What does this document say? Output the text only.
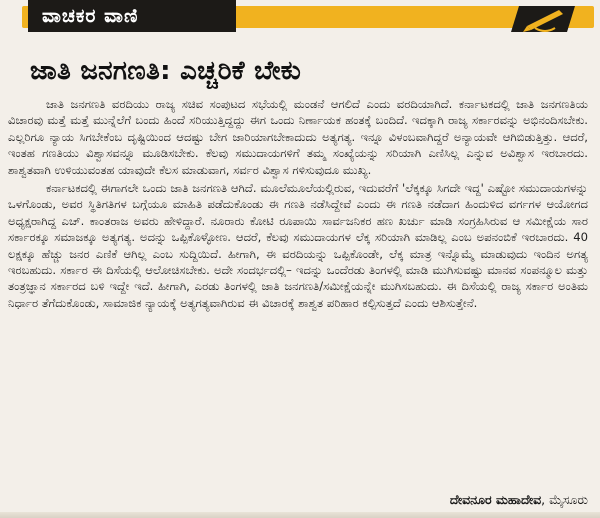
ವಾಚಕರ ವಾಣಿ
ಜಾತಿ ಜನಗಣತಿ: ಎಚ್ಚರಿಕೆ ಬೇಕು

ಜಾತಿ ಜನಗಣತಿ ವರದಿಯು ರಾಜ್ಯ ಸಚಿವ ಸಂಪುಟದ ಸಭೆಯಲ್ಲಿ ಮಂಡನೆ ಆಗಲಿದೆ ಎಂದು ವರದಿಯಾಗಿದೆ. ಕರ್ನಾಟಕದಲ್ಲಿ ಜಾತಿ ಜನಗಣತಿಯ ವಿಚಾರವು ಮತ್ತೆ ಮತ್ತೆ ಮುನ್ನೆಲೆಗೆ ಬಂದು ಹಿಂದೆ ಸರಿಯುತ್ತಿದ್ದದ್ದು ಈಗ ಒಂದು ನಿರ್ಣಾಯಕ ಹಂತಕ್ಕೆ ಬಂದಿದೆ. ಇದಕ್ಕಾಗಿ ರಾಜ್ಯ ಸರ್ಕಾರವನ್ನು ಅಭಿನಂದಿಸಬೇಕು. ಎಲ್ಲರಿಗೂ ನ್ಯಾಯ ಸಿಗಬೇಕೆಂಬ ದೃಷ್ಟಿಯಿಂದ ಆದಷ್ಟು ಬೇಗ ಜಾರಿಯಾಗಬೇಕಾದುದು ಅತ್ಯಗತ್ಯ. ಇನ್ನೂ ವಿಳಂಬವಾಗಿದ್ದರೆ ಅನ್ಯಾಯವೇ ಆಗಿಬಿಡುತ್ತಿತ್ತು. ಆದರೆ, ಇಂತಹ ಗಣತಿಯು ವಿಶ್ವಾಸವನ್ನೂ ಮೂಡಿಸಬೇಕು. ಕೆಲವು ಸಮುದಾಯಗಳಿಗೆ ತಮ್ಮ ಸಂಖ್ಯೆಯನ್ನು ಸರಿಯಾಗಿ ಎಣಿಸಿಲ್ಲ ಎನ್ನುವ ಅವಿಶ್ವಾಸ ಇರಬಾರದು. ಶಾಶ್ವತವಾಗಿ ಉಳಿಯುವಂತಹ ಯಾವುದೇ ಕೆಲಸ ಮಾಡುವಾಗ, ಸರ್ವರ ವಿಶ್ವಾಸ ಗಳಿಸುವುದೂ ಮುಖ್ಯ.

ಕರ್ನಾಟಕದಲ್ಲಿ ಈಗಾಗಲೇ ಒಂದು ಜಾತಿ ಜನಗಣತಿ ಆಗಿದೆ. ಮೂಲೆಮೂಲೆಯಲ್ಲಿರುವ, ಇದುವರೆಗೆ 'ಲೆಕ್ಕಕ್ಕೂ ಸಿಗದೇ ಇದ್ದ' ಎಷ್ಟೋ ಸಮುದಾಯಗಳನ್ನು ಒಳಗೊಂಡು, ಅವರ ಸ್ಥಿತಿಗತಿಗಳ ಬಗ್ಗೆಯೂ ಮಾಹಿತಿ ಪಡೆದುಕೊಂಡು ಈ ಗಣತಿ ನಡೆಸಿದ್ದೇವೆ ಎಂದು ಈ ಗಣತಿ ನಡೆದಾಗ ಹಿಂದುಳಿದ ವರ್ಗಗಳ ಆಯೋಗದ ಅಧ್ಯಕ್ಷರಾಗಿದ್ದ ಎಚ್. ಕಾಂತರಾಜ ಅವರು ಹೇಳಿದ್ದಾರೆ. ನೂರಾರು ಕೋಟಿ ರೂಪಾಯಿ ಸಾರ್ವಜನಿಕರ ಹಣ ಖರ್ಚು ಮಾಡಿ ಸಂಗ್ರಹಿಸಿರುವ ಆ ಸಮೀಕ್ಷೆಯ ಸಾರ ಸರ್ಕಾರಕ್ಕೂ ಸಮಾಜಕ್ಕೂ ಅತ್ಯಗತ್ಯ. ಅದನ್ನು ಒಪ್ಪಿಕೊಳ್ಳೋಣ. ಆದರೆ, ಕೆಲವು ಸಮುದಾಯಗಳ ಲೆಕ್ಕ ಸರಿಯಾಗಿ ಮಾಡಿಲ್ಲ ಎಂಬ ಅಪನಂಬಿಕೆ ಇರಬಾರದು. 40 ಲಕ್ಷಕ್ಕೂ ಹೆಚ್ಚು ಜನರ ಎಣಿಕೆ ಆಗಿಲ್ಲ ಎಂಬ ಸುದ್ದಿಯಿದೆ. ಹೀಗಾಗಿ, ಈ ವರದಿಯನ್ನು ಒಪ್ಪಿಕೊಂಡೇ, ಲೆಕ್ಕ ಮಾತ್ರ ಇನ್ನೊಮ್ಮೆ ಮಾಡುವುದು ಇಂದಿನ ಅಗತ್ಯ ಇರಬಹುದು. ಸರ್ಕಾರ ಈ ದಿಸೆಯಲ್ಲಿ ಆಲೋಚಿಸಬೇಕು. ಅದೇ ಸಂದರ್ಭದಲ್ಲಿ– ಇದನ್ನು ಒಂದೆರಡು ತಿಂಗಳಲ್ಲಿ ಮಾಡಿ ಮುಗಿಸುವಷ್ಟು ಮಾನವ ಸಂಪನ್ಮೂಲ ಮತ್ತು ತಂತ್ರಜ್ಞಾನ ಸರ್ಕಾರದ ಬಳಿ ಇದ್ದೇ ಇದೆ. ಹೀಗಾಗಿ, ಎರಡು ತಿಂಗಳಲ್ಲಿ ಜಾತಿ ಜನಗಣತಿ/ಸಮೀಕ್ಷೆಯನ್ನೇ ಮುಗಿಸಬಹುದು. ಈ ದಿಸೆಯಲ್ಲಿ ರಾಜ್ಯ ಸರ್ಕಾರ ಅಂತಿಮ ನಿರ್ಧಾರ ತೆಗೆದುಕೊಂಡು, ಸಾಮಾಜಿಕ ನ್ಯಾಯಕ್ಕೆ ಅತ್ಯಗತ್ಯವಾಗಿರುವ ಈ ವಿಚಾರಕ್ಕೆ ಶಾಶ್ವತ ಪರಿಹಾರ ಕಲ್ಪಿಸುತ್ತದೆ ಎಂದು ಆಶಿಸುತ್ತೇನೆ.

ದೇವನೂರ ಮಹಾದೇವ, ಮೈಸೂರು
